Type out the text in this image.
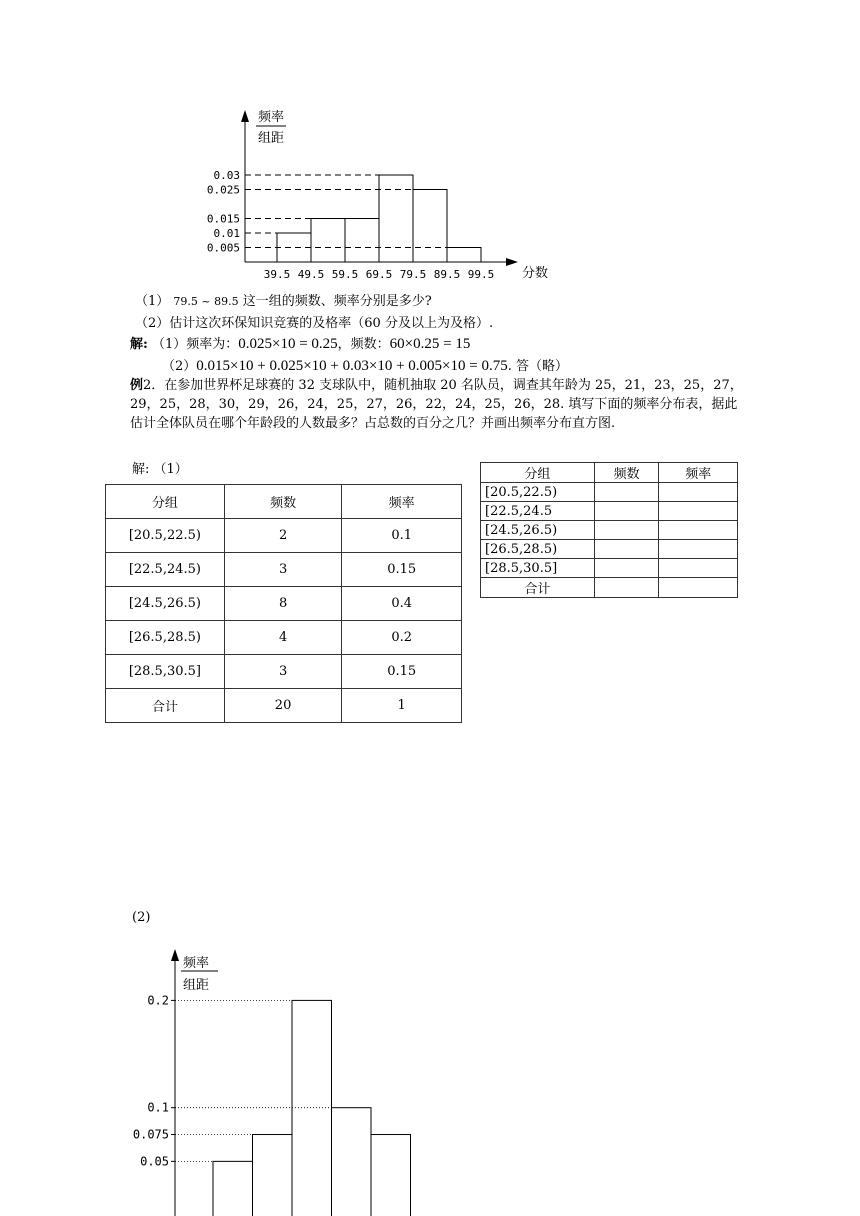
频率
组距
分数
0.03
0.025
0.015
0.01
0.005
39.5 49.5 59.5 69.5 79.5 89.5 99.5
（1） 79.5 ~ 89.5 这一组的频数、频率分别是多少?
（2）估计这次环保知识竞赛的及格率（60 分及以上为及格）.
解: （1）频率为：0.025×10 = 0.25，频数：60×0.25 = 15
（2）0.015×10 + 0.025×10 + 0.03×10 + 0.005×10 = 0.75. 答（略）
例2．在参加世界杯足球赛的 32 支球队中，随机抽取 20 名队员，调查其年龄为 25，21，23，25，27，29，25，28，30，29，26，24，25，27，26，22，24，25，26，28. 填写下面的频率分布表，据此估计全体队员在哪个年龄段的人数最多？占总数的百分之几？并画出频率分布直方图.
解: （1）
分组	频数	频率
[20.5,22.5)	2	0.1
[22.5,24.5)	3	0.15
[24.5,26.5)	8	0.4
[26.5,28.5)	4	0.2
[28.5,30.5]	3	0.15
合计	20	1
分组	频数	频率
[20.5,22.5)		
[22.5,24.5		
[24.5,26.5)		
[26.5,28.5)		
[28.5,30.5]		
合计		
(2)
频率
组距
0.2
0.1
0.075
0.05
